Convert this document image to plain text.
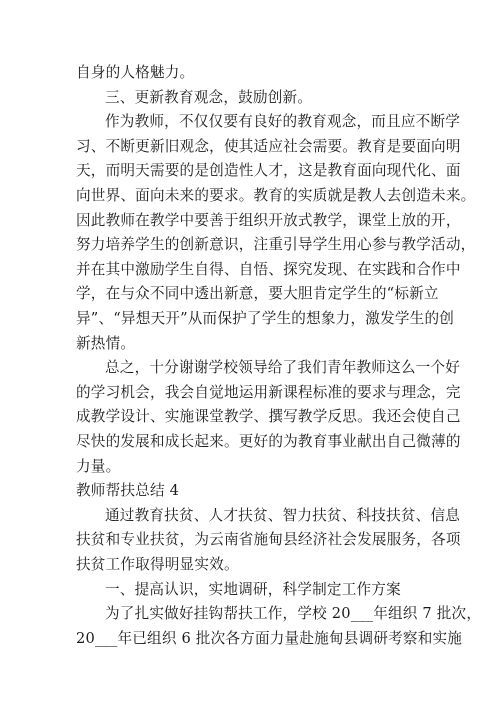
自身的人格魅力。
三、更新教育观念，鼓励创新。
作为教师，不仅仅要有良好的教育观念，而且应不断学
习、不断更新旧观念，使其适应社会需要。教育是要面向明
天，而明天需要的是创造性人才，这是教育面向现代化、面
向世界、面向未来的要求。教育的实质就是教人去创造未来。
因此教师在教学中要善于组织开放式教学，课堂上放的开，
努力培养学生的创新意识，注重引导学生用心参与教学活动，
并在其中激励学生自得、自悟、探究发现、在实践和合作中
学，在与众不同中透出新意，要大胆肯定学生的“标新立
异”、“异想天开”从而保护了学生的想象力，激发学生的创
新热情。
总之，十分谢谢学校领导给了我们青年教师这么一个好
的学习机会，我会自觉地运用新课程标准的要求与理念，完
成教学设计、实施课堂教学、撰写教学反思。我还会使自己
尽快的发展和成长起来。更好的为教育事业献出自己微薄的
力量。
教师帮扶总结 4
通过教育扶贫、人才扶贫、智力扶贫、科技扶贫、信息
扶贫和专业扶贫，为云南省施甸县经济社会发展服务，各项
扶贫工作取得明显实效。
一、提高认识，实地调研，科学制定工作方案
为了扎实做好挂钩帮扶工作，学校 20___年组织 7 批次，
20___年已组织 6 批次各方面力量赴施甸县调研考察和实施
